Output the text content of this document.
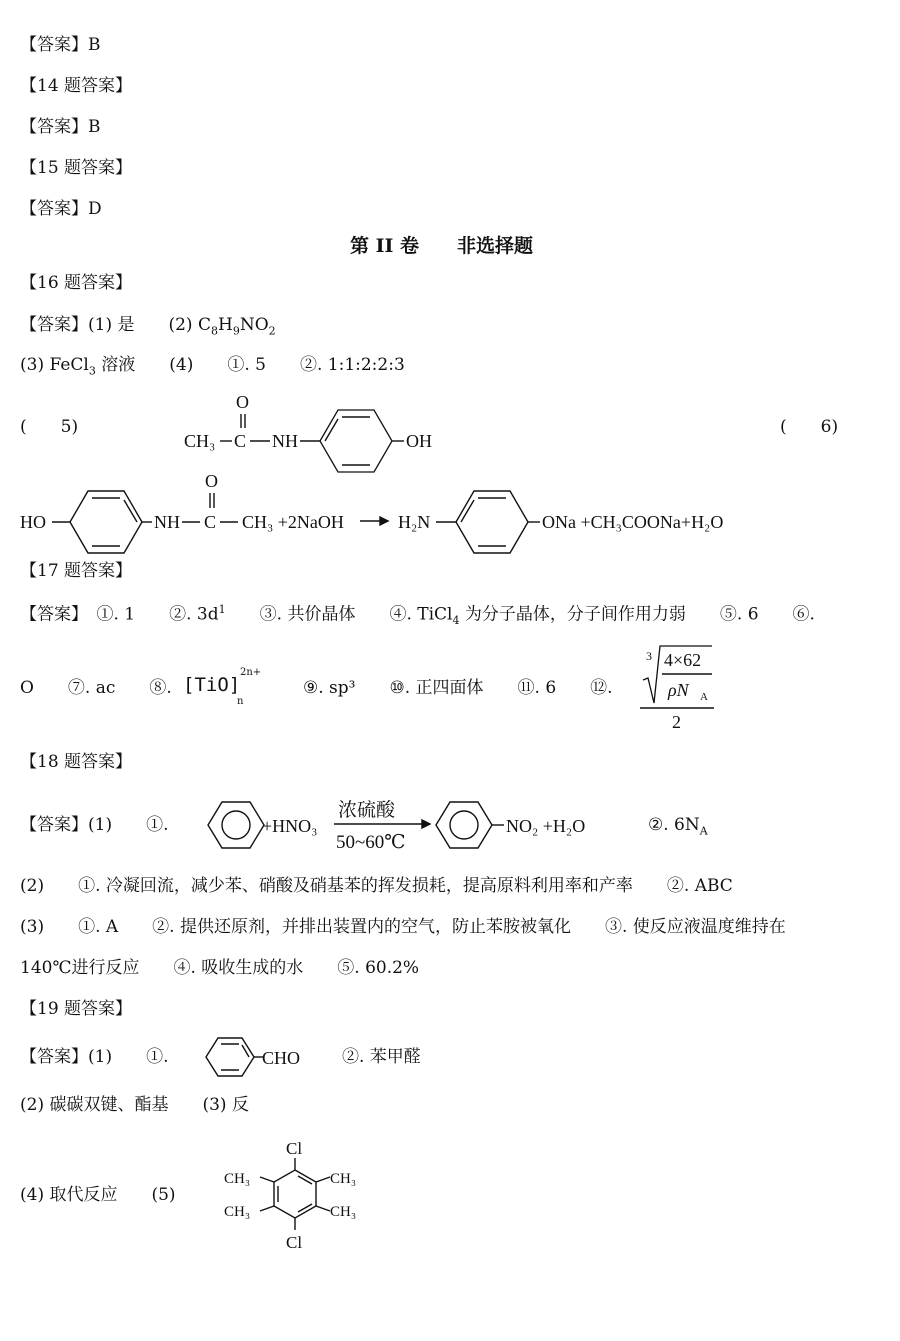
【答案】B
【14 题答案】
【答案】B
【15 题答案】
【答案】D
第 II 卷　　非选择题
【16 题答案】
【答案】(1) 是　　(2) $C_8H_9NO_2$
(3) FeCl$_3$ 溶液　　(4)　　①. 5　　②. 1:1:2:2:3
(　　5)	(　　6)
CH₃ C
O
NH	OH
HO	NH C
O
CH₃ +2NaOH	H₂N	ONa +CH₃COONa+H₂O
【17 题答案】
【答案】　①. 1　　②. $3d^1$　　③. 共价晶体　　④. TiCl$_4$ 为分子晶体，分子间作用力弱　　⑤. 6　　⑥.
O　　⑦. ac　　⑧. [TiO]
2n+
n
⑨. sp³　　⑩. 正四面体　　⑪. 6　　⑫.
3 4×62
ρN A
2
【18 题答案】
【答案】(1)　　①.	+HNO₃
浓硫酸
50~60℃
NO₂ +H₂O	②. $6N_A$
(2)　　①. 冷凝回流，减少苯、硝酸及硝基苯的挥发损耗，提高原料利用率和产率　　②. ABC
(3)　　①. A　　②. 提供还原剂，并排出装置内的空气，防止苯胺被氧化　　③. 使反应液温度维持在
140℃进行反应　　④. 吸收生成的水　　⑤. 60.2%
【19 题答案】
【答案】(1)　　①.	CHO ②. 苯甲醛
(2) 碳碳双键、酯基　　(3) 反
(4) 取代反应　　(5)
Cl
Cl
CH₃
CH₃
CH₃
CH₃
